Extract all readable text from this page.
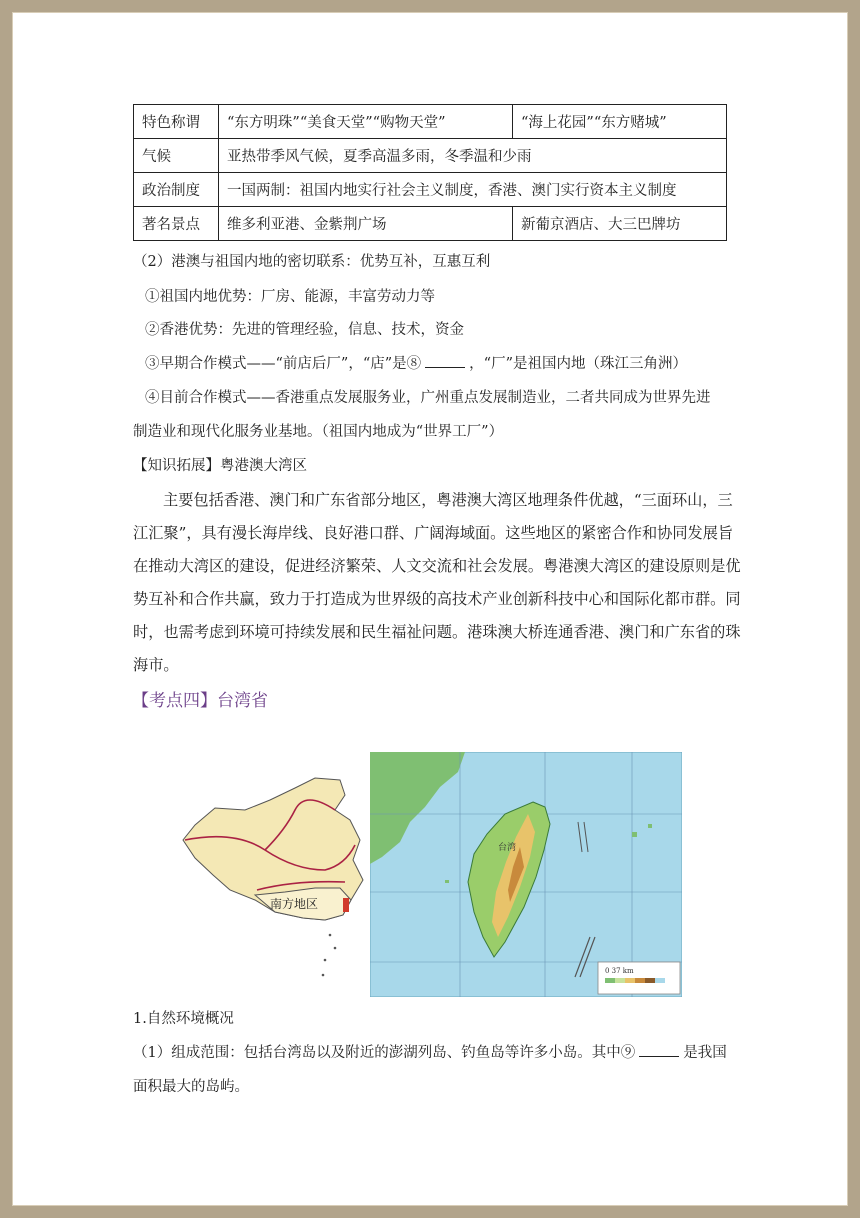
特色称谓	“东方明珠”“美食天堂”“购物天堂”	“海上花园”“东方赌城”
气候	亚热带季风气候，夏季高温多雨，冬季温和少雨	
政治制度	一国两制：祖国内地实行社会主义制度，香港、澳门实行资本主义制度	
著名景点	维多利亚港、金紫荆广场	新葡京酒店、大三巴牌坊
（2）港澳与祖国内地的密切联系：优势互补，互惠互利
①祖国内地优势：厂房、能源，丰富劳动力等
②香港优势：先进的管理经验，信息、技术，资金
③早期合作模式——“前店后厂”，“店”是⑧	，“厂”是祖国内地（珠江三角洲）
④目前合作模式——香港重点发展服务业，广州重点发展制造业，二者共同成为世界先进
制造业和现代化服务业基地。（祖国内地成为“世界工厂”）
【知识拓展】粤港澳大湾区
主要包括香港、澳门和广东省部分地区，粤港澳大湾区地理条件优越，“三面环山，三
江汇聚”，具有漫长海岸线、良好港口群、广阔海域面。这些地区的紧密合作和协同发展旨
在推动大湾区的建设，促进经济繁荣、人文交流和社会发展。粤港澳大湾区的建设原则是优
势互补和合作共赢，致力于打造成为世界级的高技术产业创新科技中心和国际化都市群。同
时，也需考虑到环境可持续发展和民生福祉问题。港珠澳大桥连通香港、澳门和广东省的珠
海市。
【考点四】台湾省
南方地区
台湾
0 37 km
1.自然环境概况
（1）组成范围：包括台湾岛以及附近的澎湖列岛、钓鱼岛等许多小岛。其中⑨	是我国
面积最大的岛屿。
